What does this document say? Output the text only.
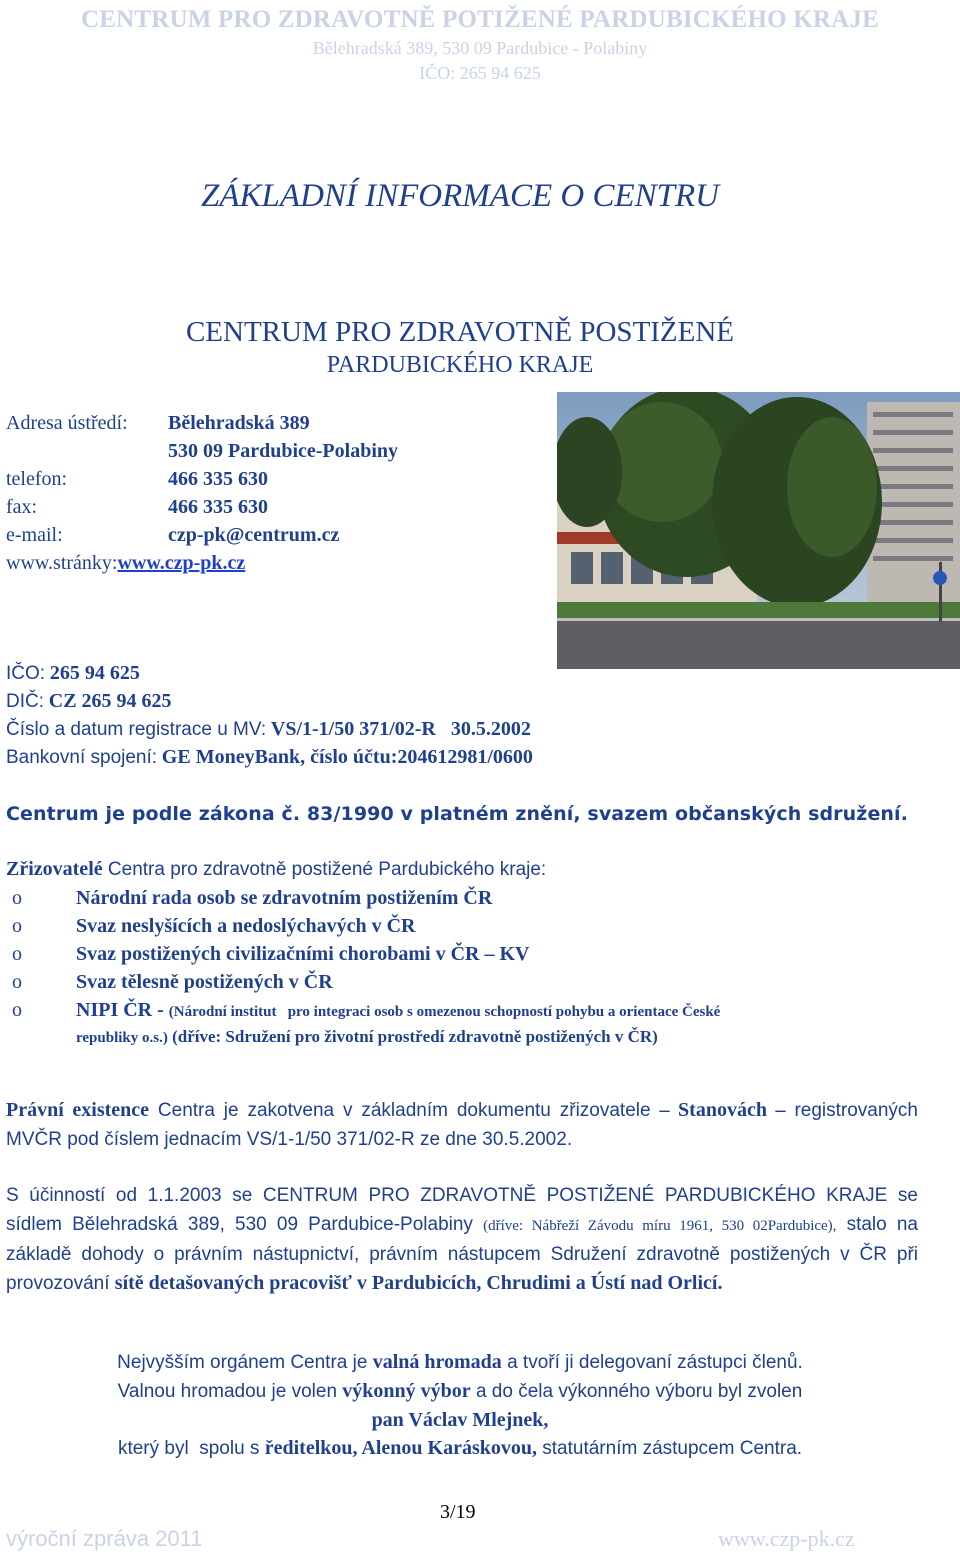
CENTRUM PRO ZDRAVOTNĚ POTIŽENÉ PARDUBICKÉHO KRAJE
Bělehradská 389, 530 09 Pardubice - Polabiny
IČO: 265 94 625
ZÁKLADNÍ INFORMACE O CENTRU
CENTRUM PRO ZDRAVOTNĚ POSTIŽENÉ
PARDUBICKÉHO KRAJE
Adresa ústředí: Bělehradská 389
530 09 Pardubice-Polabiny
telefon:	466 335 630
fax:	466 335 630
e-mail:	czp-pk@centrum.cz
www.stránky:www.czp-pk.cz
IČO: 265 94 625
DIČ: CZ 265 94 625
Číslo a datum registrace u MV: VS/1-1/50 371/02-R   30.5.2002
Bankovní spojení: GE MoneyBank, číslo účtu:204612981/0600
Centrum je podle zákona č. 83/1990 v platném znění, svazem občanských sdružení.
Zřizovatelé Centra pro zdravotně postižené Pardubického kraje:
o	Národní rada osob se zdravotním postižením ČR
o	Svaz neslyšících a nedoslýchavých v ČR
o	Svaz postižených civilizačními chorobami v ČR – KV
o	Svaz tělesně postižených v ČR
o	NIPI ČR - (Národní institut   pro integraci osob s omezenou schopností pohybu a orientace České
republiky o.s.) (dříve: Sdružení pro životní prostředí zdravotně postižených v ČR)
Právní existence Centra je zakotvena v základním dokumentu zřizovatele – Stanovách – registrovaných MVČR pod číslem jednacím VS/1-1/50 371/02-R ze dne 30.5.2002.
S účinností od 1.1.2003 se CENTRUM PRO ZDRAVOTNĚ POSTIŽENÉ PARDUBICKÉHO KRAJE se sídlem Bělehradská 389, 530 09 Pardubice-Polabiny (dříve: Nábřeží Závodu míru 1961, 530 02Pardubice), stalo na základě dohody o právním nástupnictví, právním nástupcem Sdružení zdravotně postižených v ČR při provozování sítě detašovaných pracovišť v Pardubicích, Chrudimi a Ústí nad Orlicí.
Nejvyšším orgánem Centra je valná hromada a tvoří ji delegovaní zástupci členů.
Valnou hromadou je volen výkonný výbor a do čela výkonného výboru byl zvolen
pan Václav Mlejnek,
který byl  spolu s ředitelkou, Alenou Karáskovou, statutárním zástupcem Centra.
3/19
výroční zpráva 2011	www.czp-pk.cz
